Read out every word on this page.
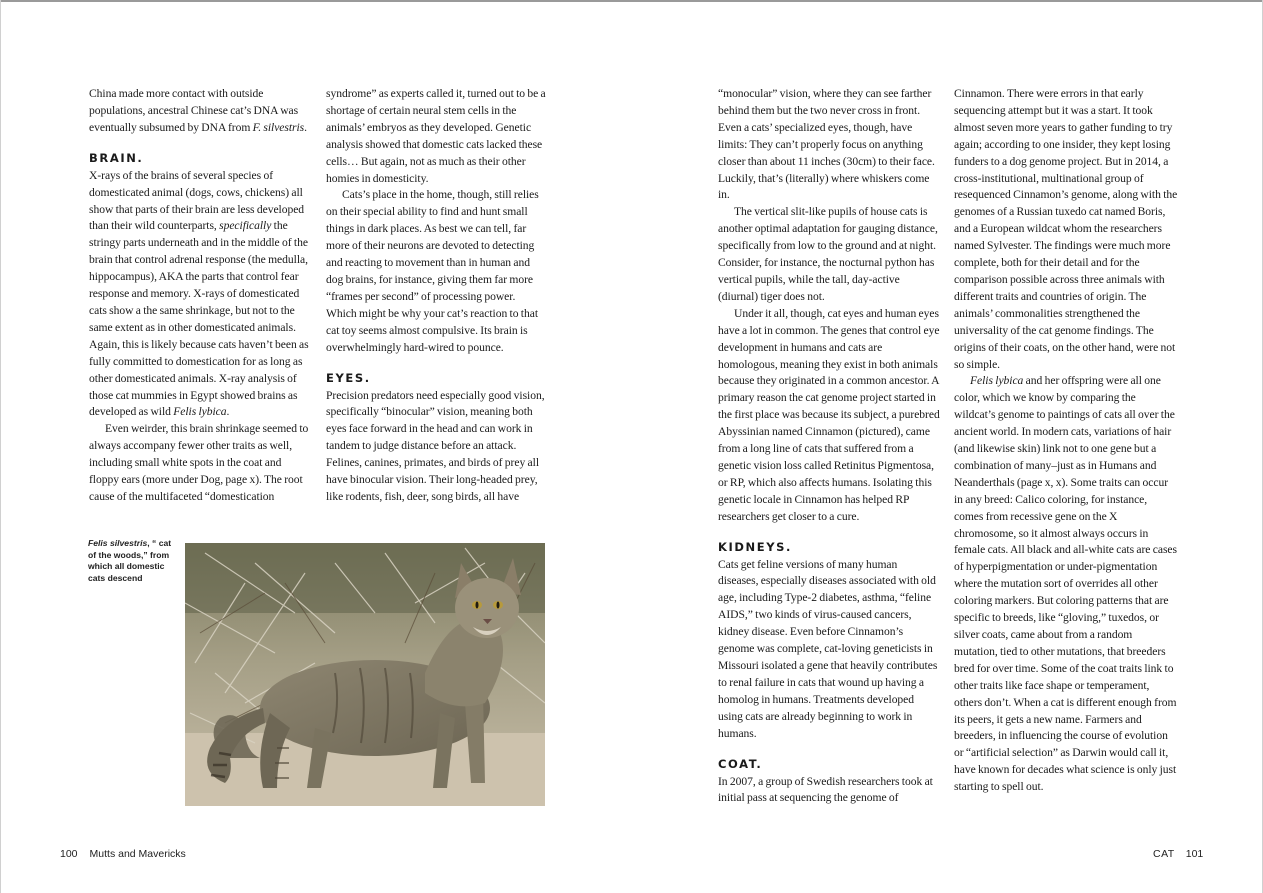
China made more contact with outside populations, ancestral Chinese cat’s DNA was eventually subsumed by DNA from F. silvestris.

BRAIN.

X-rays of the brains of several species of domesticated animal (dogs, cows, chickens) all show that parts of their brain are less developed than their wild counterparts, specifically the stringy parts underneath and in the middle of the brain that control adrenal response (the medulla, hippocampus), AKA the parts that control fear response and memory. X-rays of domesticated cats show a the same shrinkage, but not to the same extent as in other domesticated animals. Again, this is likely because cats haven’t been as fully committed to domestication for as long as other domesticated animals. X-ray analysis of those cat mummies in Egypt showed brains as developed as wild Felis lybica.

Even weirder, this brain shrinkage seemed to always accompany fewer other traits as well, including small white spots in the coat and floppy ears (more under Dog, page x). The root cause of the multifaceted “domestication

syndrome” as experts called it, turned out to be a shortage of certain neural stem cells in the animals’ embryos as they developed. Genetic analysis showed that domestic cats lacked these cells… But again, not as much as their other homies in domesticity.

Cats’s place in the home, though, still relies on their special ability to find and hunt small things in dark places. As best we can tell, far more of their neurons are devoted to detecting and reacting to movement than in human and dog brains, for instance, giving them far more “frames per second” of processing power. Which might be why your cat’s reaction to that cat toy seems almost compulsive. Its brain is overwhelmingly hard-wired to pounce.

EYES.

Precision predators need especially good vision, specifically “binocular” vision, meaning both eyes face forward in the head and can work in tandem to judge distance before an attack. Felines, canines, primates, and birds of prey all have binocular vision. Their long-headed prey, like rodents, fish, deer, song birds, all have

Felis silvestris, “ cat of the woods,” from which all domestic cats descend

“monocular” vision, where they can see farther behind them but the two never cross in front. Even a cats’ specialized eyes, though, have limits: They can’t properly focus on anything closer than about 11 inches (30cm) to their face. Luckily, that’s (literally) where whiskers come in.

The vertical slit-like pupils of house cats is another optimal adaptation for gauging distance, specifically from low to the ground and at night. Consider, for instance, the nocturnal python has vertical pupils, while the tall, day-active (diurnal) tiger does not.

Under it all, though, cat eyes and human eyes have a lot in common. The genes that control eye development in humans and cats are homologous, meaning they exist in both animals because they originated in a common ancestor. A primary reason the cat genome project started in the first place was because its subject, a purebred Abyssinian named Cinnamon (pictured), came from a long line of cats that suffered from a genetic vision loss called Retinitus Pigmentosa, or RP, which also affects humans. Isolating this genetic locale in Cinnamon has helped RP researchers get closer to a cure.

KIDNEYS.

Cats get feline versions of many human diseases, especially diseases associated with old age, including Type-2 diabetes, asthma, “feline AIDS,” two kinds of virus-caused cancers, kidney disease. Even before Cinnamon’s genome was complete, cat-loving geneticists in Missouri isolated a gene that heavily contributes to renal failure in cats that wound up having a homolog in humans. Treatments developed using cats are already beginning to work in humans.

COAT.

In 2007, a group of Swedish researchers took at initial pass at sequencing the genome of

Cinnamon. There were errors in that early sequencing attempt but it was a start. It took almost seven more years to gather funding to try again; according to one insider, they kept losing funders to a dog genome project. But in 2014, a cross-institutional, multinational group of resequenced Cinnamon’s genome, along with the genomes of a Russian tuxedo cat named Boris, and a European wildcat whom the researchers named Sylvester. The findings were much more complete, both for their detail and for the comparison possible across three animals with different traits and countries of origin. The animals’ commonalities strengthened the universality of the cat genome findings. The origins of their coats, on the other hand, were not so simple.

Felis lybica and her offspring were all one color, which we know by comparing the wildcat’s genome to paintings of cats all over the ancient world. In modern cats, variations of hair (and likewise skin) link not to one gene but a combination of many–just as in Humans and Neanderthals (page x, x). Some traits can occur in any breed: Calico coloring, for instance, comes from recessive gene on the X chromosome, so it almost always occurs in female cats. All black and all-white cats are cases of hyperpigmentation or under-pigmentation where the mutation sort of overrides all other coloring markers. But coloring patterns that are specific to breeds, like “gloving,” tuxedos, or silver coats, came about from a random mutation, tied to other mutations, that breeders bred for over time. Some of the coat traits link to other traits like face shape or temperament, others don’t. When a cat is different enough from its peers, it gets a new name. Farmers and breeders, in influencing the course of evolution or “artificial selection” as Darwin would call it, have known for decades what science is only just starting to spell out.

100 Mutts and Mavericks	CAT 101
